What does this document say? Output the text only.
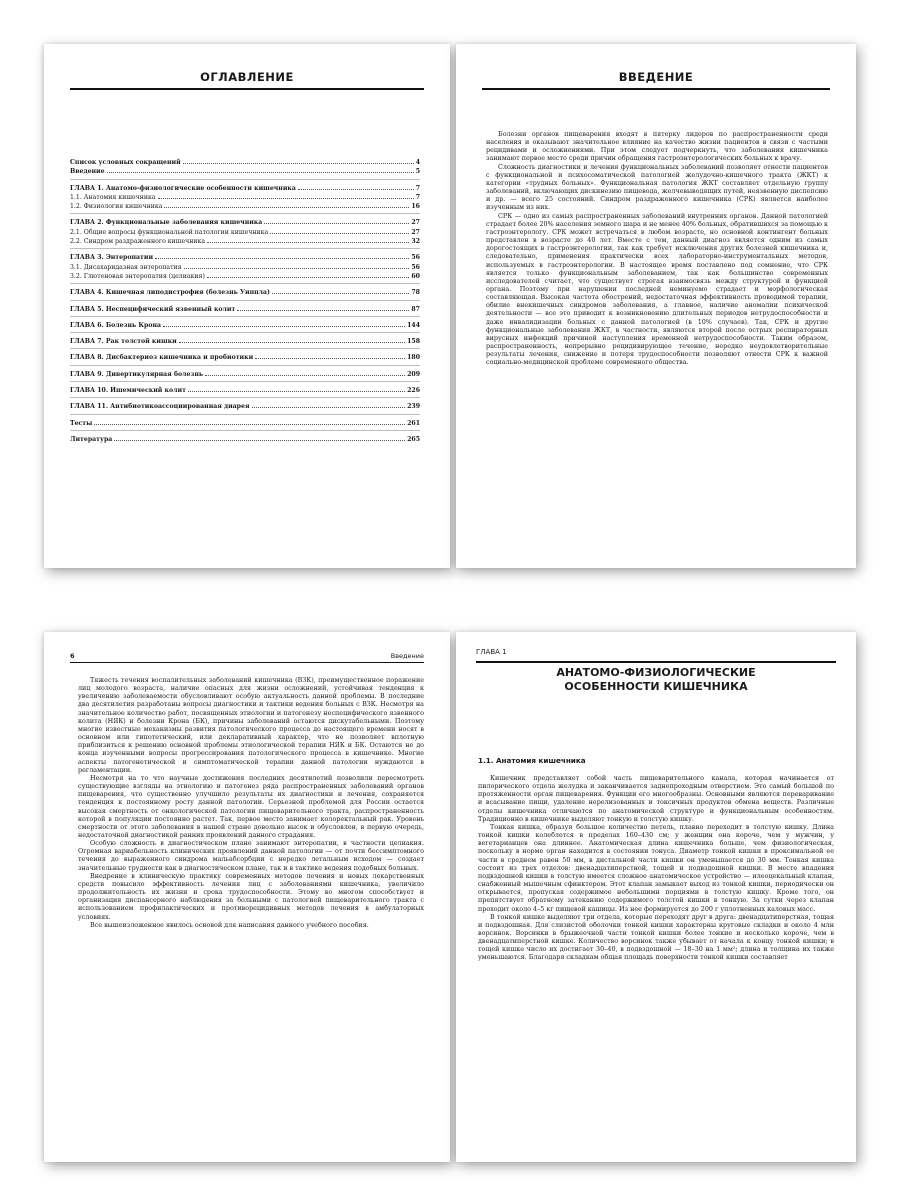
ОГЛАВЛЕНИЕ
Список условных сокращений	4
Введение	5
ГЛАВА 1. Анатомо-физиологические особенности кишечника	7
1.1. Анатомия кишечника	7
1.2. Физиология кишечника	16
ГЛАВА 2. Функциональные заболевания кишечника	27
2.1. Общие вопросы функциональной патологии кишечника	27
2.2. Синдром раздраженного кишечника	32
ГЛАВА 3. Энтеропатии	56
3.1. Дисахаридазная энтеропатия	56
3.2. Глютеновая энтеропатия (целиакия)	60
ГЛАВА 4. Кишечная липодистрофия (болезнь Уиппла)	78
ГЛАВА 5. Неспецифический язвенный колит	87
ГЛАВА 6. Болезнь Крона	144
ГЛАВА 7. Рак толстой кишки	158
ГЛАВА 8. Дисбактериоз кишечника и пробиотики	180
ГЛАВА 9. Дивертикулярная болезнь	209
ГЛАВА 10. Ишемический колит	226
ГЛАВА 11. Антибиотикоассоциированная диарея	239
Тесты	261
Литература	265
ВВЕДЕНИЕ

Болезни органов пищеварения входят в пятерку лидеров по распространенности среди населения и оказывают значительное влияние на качество жизни пациентов в связи с частыми рецидивами и осложнениями. При этом следует подчеркнуть, что заболевания кишечника занимают первое место среди причин обращения гастроэнтерологических больных к врачу.

Сложность диагностики и лечения функциональных заболеваний позволяет отнести пациентов с функциональной и психосоматической патологией желудочно-кишечного тракта (ЖКТ) к категории «трудных больных». Функциональная патология ЖКТ составляет отдельную группу заболеваний, включающих дискинезию пищевода, желчевыводящих путей, неязвенную диспепсию и др. — всего 25 состояний. Синдром раздраженного кишечника (СРК) является наиболее изученным из них.

СРК — одно из самых распространенных заболеваний внутренних органов. Данной патологией страдает более 20% населения земного шара и не менее 40% больных, обратившихся за помощью к гастроэнтерологу. СРК может встречаться в любом возрасте, но основной контингент больных представлен в возрасте до 40 лет. Вместе с тем, данный диагноз является одним из самых дорогостоящих в гастроэнтерологии, так как требует исключения других болезней кишечника и, следовательно, применения практически всех лабораторно-инструментальных методов, используемых в гастроэнтерологии. В настоящее время поставлено под сомнение, что СРК является только функциональным заболеванием, так как большинство современных исследователей считает, что существует строгая взаимосвязь между структурой и функцией органа. Поэтому при нарушении последней неминуемо страдает и морфологическая составляющая. Высокая частота обострений, недостаточная эффективность проводимой терапии, обилие внекишечных синдромов заболевания, а главное, наличие аномалии психической деятельности — все это приводит к возникновению длительных периодов нетрудоспособности и даже инвалидизации больных с данной патологией (в 10% случаев). Так, СРК и другие функциональные заболевания ЖКТ, в частности, являются второй после острых респираторных вирусных инфекций причиной наступления временной нетрудоспособности. Таким образом, распространенность, непрерывно рецидивирующее течение, нередко неудовлетворительные результаты лечения, снижение и потеря трудоспособности позволяют отнести СРК к важной социально-медицинской проблеме современного общества.

6	Введение

Тяжесть течения воспалительных заболеваний кишечника (ВЗК), преимущественное поражение лиц молодого возраста, наличие опасных для жизни осложнений, устойчивая тенденция к увеличению заболеваемости обусловливают особую актуальность данной проблемы. В последние два десятилетия разработаны вопросы диагностики и тактики ведения больных с ВЗК. Несмотря на значительное количество работ, посвященных этиологии и патогенезу неспецифического язвенного колита (НЯК) и болезни Крона (БК), причины заболеваний остаются дискутабельными. Поэтому многие известные механизмы развития патологического процесса до настоящего времени носят в основном или гипотетический, или декларативный характер, что не позволяет вплотную приблизиться к решению основной проблемы этиологической терапии НЯК и БК. Остаются не до конца изученными вопросы прогрессирования патологического процесса в кишечнике. Многие аспекты патогенетической и симптоматической терапии данной патологии нуждаются в регламентации.

Несмотря на то что научные достижения последних десятилетий позволили пересмотреть существующие взгляды на этиологию и патогенез ряда распространенных заболеваний органов пищеварения, что существенно улучшило результаты их диагностики и лечения, сохраняется тенденция к постоянному росту данной патологии. Серьезной проблемой для России остается высокая смертность от онкологической патологии пищеварительного тракта, распространенность которой в популяции постоянно растет. Так, первое место занимает колоректальный рак. Уровень смертности от этого заболевания в нашей стране довольно высок и обусловлен, в первую очередь, недостаточной диагностикой ранних проявлений данного страдания.

Особую сложность в диагностическом плане занимают энтеропатии, в частности целиакия. Огромная вариабельность клинических проявлений данной патологии — от почти бессимптомного течения до выраженного синдрома мальабсорбции с нередко летальным исходом — создает значительные трудности как в диагностическом плане, так и в тактике ведения подобных больных.

Внедрение в клиническую практику современных методов лечения и новых лекарственных средств повысило эффективность лечения лиц с заболеваниями кишечника, увеличило продолжительность их жизни и срока трудоспособности. Этому во многом способствует и организация диспансерного наблюдения за больными с патологией пищеварительного тракта с использованием профилактических и противорецидивных методов лечения в амбулаторных условиях.

Все вышеизложенное явилось основой для написания данного учебного пособия.

ГЛАВА 1
АНАТОМО-ФИЗИОЛОГИЧЕСКИЕ
ОСОБЕННОСТИ КИШЕЧНИКА
1.1. Анатомия кишечника

Кишечник представляет собой часть пищеварительного канала, которая начинается от пилорического отдела желудка и заканчивается заднепроходным отверстием. Это самый большой по протяженности орган пищеварения. Функции его многообразны. Основными являются переваривание и всасывание пищи, удаление нерелизованных и токсичных продуктов обмена веществ. Различные отделы кишечника отличаются по анатомической структуре и функциональным особенностям. Традиционно в кишечнике выделяют тонкую и толстую кишку.

Тонкая кишка, образуя большое количество петель, плавно переходит в толстую кишку. Длина тонкой кишки колеблется в пределах 160–430 см; у женщин она короче, чем у мужчин, у вегетарианцев она длиннее. Анатомическая длина кишечника больше, чем физиологическая, поскольку в норме орган находится в состоянии тонуса. Диаметр тонкой кишки в проксимальной ее части в среднем равен 50 мм, в дистальной части кишки он уменьшается до 30 мм. Тонкая кишка состоит из трех отделов: двенадцатиперстной, тощей и подвздошной кишки. В месте впадения подвздошной кишки в толстую имеется сложное анатомическое устройство — илеоцекальный клапан, снабженный мышечным сфинктером. Этот клапан замыкает выход из тонкой кишки, периодически он открывается, пропуская содержимое небольшими порциями в толстую кишку. Кроме того, он препятствует обратному затеканию содержимого толстой кишки в тонкую. За сутки через клапан проходит около 4–5 кг пищевой кашицы. Из нее формируется до 200 г уплотненных каловых масс.

В тонкой кишке выделяют три отдела, которые переходят друг в друга: двенадцатиперстная, тощая и подвздошная. Для слизистой оболочки тонкой кишки характерны круговые складки и около 4 млн ворсинок. Ворсинки в брыжеечной части тонкой кишки более тонкие и несколько короче, чем в двенадцатиперстной кишке. Количество ворсинок также убывает от начала к концу тонкой кишки; в тощей кишке число их достигает 30–40, в подвздошной — 18–30 на 1 мм²; длина и толщина их также уменьшаются. Благодаря складкам общая площадь поверхности тонкой кишки составляет
